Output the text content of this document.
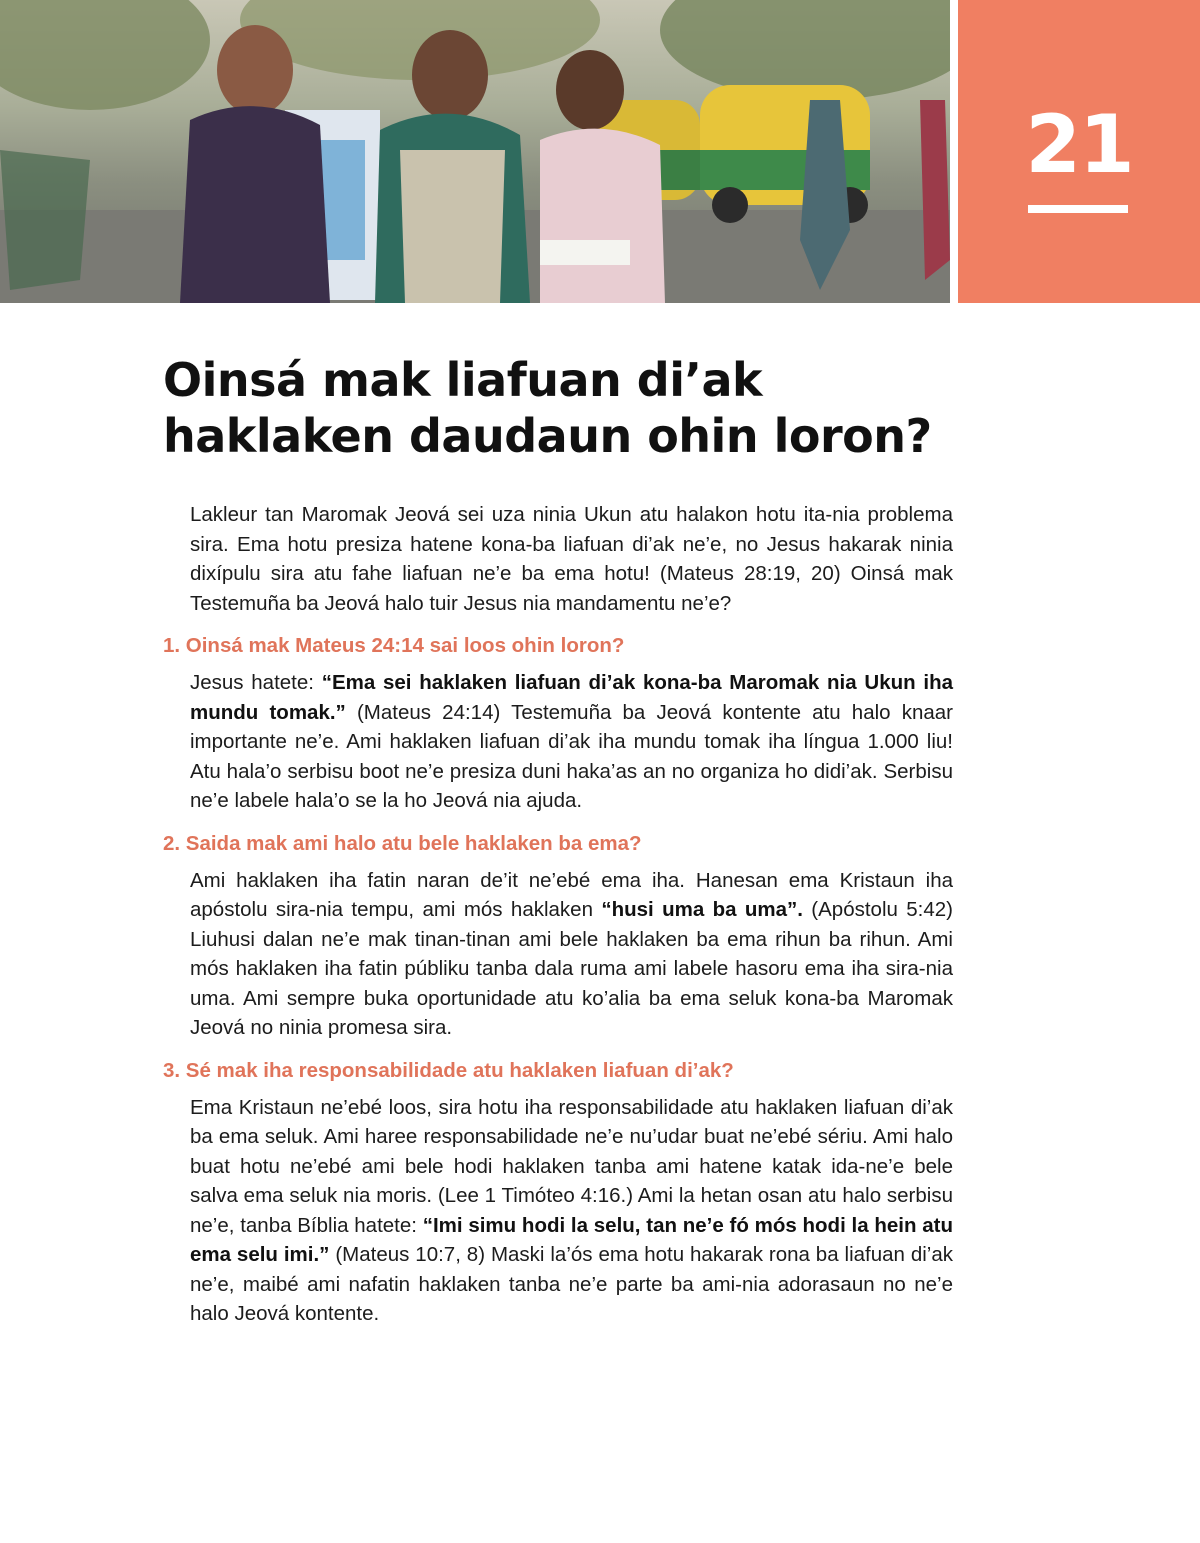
21
Oinsá mak liafuan di’ak haklaken daudaun ohin loron?

Lakleur tan Maromak Jeová sei uza ninia Ukun atu halakon hotu ita-nia problema sira. Ema hotu presiza hatene kona-ba liafuan di’ak ne’e, no Jesus hakarak ninia dixípulu sira atu fahe liafuan ne’e ba ema hotu! (Mateus 28:19, 20) Oinsá mak Testemuña ba Jeová halo tuir Jesus nia mandamentu ne’e?

1. Oinsá mak Mateus 24:14 sai loos ohin loron?

Jesus hatete: “Ema sei haklaken liafuan di’ak kona-ba Maromak nia Ukun iha mundu tomak.” (Mateus 24:14) Testemuña ba Jeová kontente atu halo knaar importante ne’e. Ami haklaken liafuan di’ak iha mundu tomak iha língua 1.000 liu! Atu hala’o serbisu boot ne’e presiza duni haka’as an no organiza ho didi’ak. Serbisu ne’e labele hala’o se la ho Jeová nia ajuda.

2. Saida mak ami halo atu bele haklaken ba ema?

Ami haklaken iha fatin naran de’it ne’ebé ema iha. Hanesan ema Kristaun iha apóstolu sira-nia tempu, ami mós haklaken “husi uma ba uma”. (Apóstolu 5:42) Liuhusi dalan ne’e mak tinan-tinan ami bele haklaken ba ema rihun ba rihun. Ami mós haklaken iha fatin públiku tanba dala ruma ami labele hasoru ema iha sira-nia uma. Ami sempre buka oportunidade atu ko’alia ba ema seluk kona-ba Maromak Jeová no ninia promesa sira.

3. Sé mak iha responsabilidade atu haklaken liafuan di’ak?

Ema Kristaun ne’ebé loos, sira hotu iha responsabilidade atu haklaken liafuan di’ak ba ema seluk. Ami haree responsabilidade ne’e nu’udar buat ne’ebé sériu. Ami halo buat hotu ne’ebé ami bele hodi haklaken tanba ami hatene katak ida-ne’e bele salva ema seluk nia moris. (Lee 1 Timóteo 4:16.) Ami la hetan osan atu halo serbisu ne’e, tanba Bíblia hatete: “Imi simu hodi la selu, tan ne’e fó mós hodi la hein atu ema selu imi.” (Mateus 10:7, 8) Maski la’ós ema hotu hakarak rona ba liafuan di’ak ne’e, maibé ami nafatin haklaken tanba ne’e parte ba ami-nia adorasaun no ne’e halo Jeová kontente.
